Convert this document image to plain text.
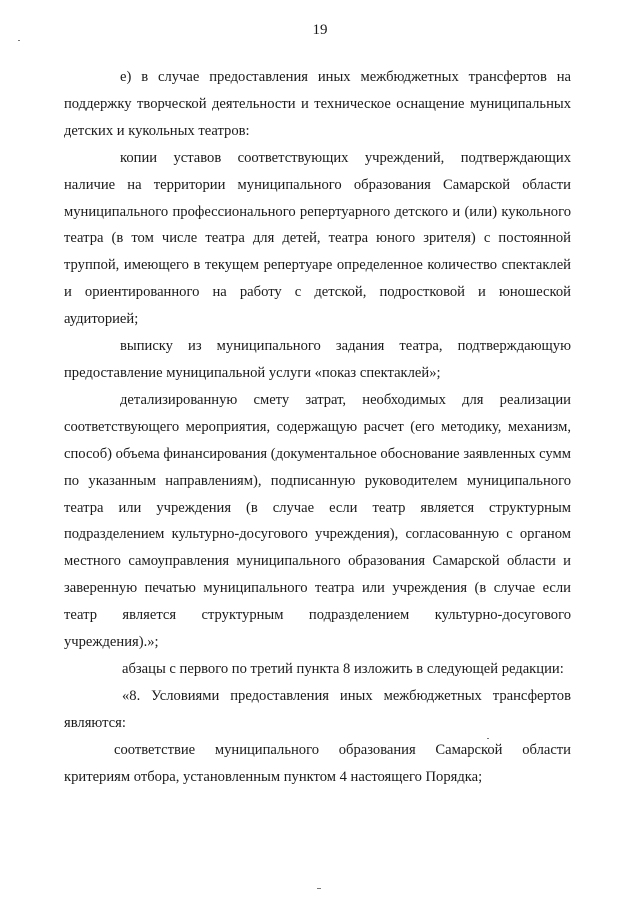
19

е) в случае предоставления иных межбюджетных трансфертов на поддержку творческой деятельности и техническое оснащение муниципальных детских и кукольных театров:

копии уставов соответствующих учреждений, подтверждающих наличие на территории муниципального образования Самарской области муниципального профессионального репертуарного детского и (или) кукольного театра (в том числе театра для детей, театра юного зрителя) с постоянной труппой, имеющего в текущем репертуаре определенное количество спектаклей и ориентированного на работу с детской, подростковой и юношеской аудиторией;

выписку из муниципального задания театра, подтверждающую предоставление муниципальной услуги «показ спектаклей»;

детализированную смету затрат, необходимых для реализации соответствующего мероприятия, содержащую расчет (его методику, механизм, способ) объема финансирования (документальное обоснование заявленных сумм по указанным направлениям), подписанную руководителем муниципального театра или учреждения (в случае если театр является структурным подразделением культурно-досугового учреждения), согласованную с органом местного самоуправления муниципального образования Самарской области и заверенную печатью муниципального театра или учреждения (в случае если театр является структурным подразделением культурно-досугового учреждения).»;

абзацы с первого по третий пункта 8 изложить в следующей редакции:

«8. Условиями предоставления иных межбюджетных трансфертов являются:

соответствие муниципального образования Самарской области критериям отбора, установленным пунктом 4 настоящего Порядка;
